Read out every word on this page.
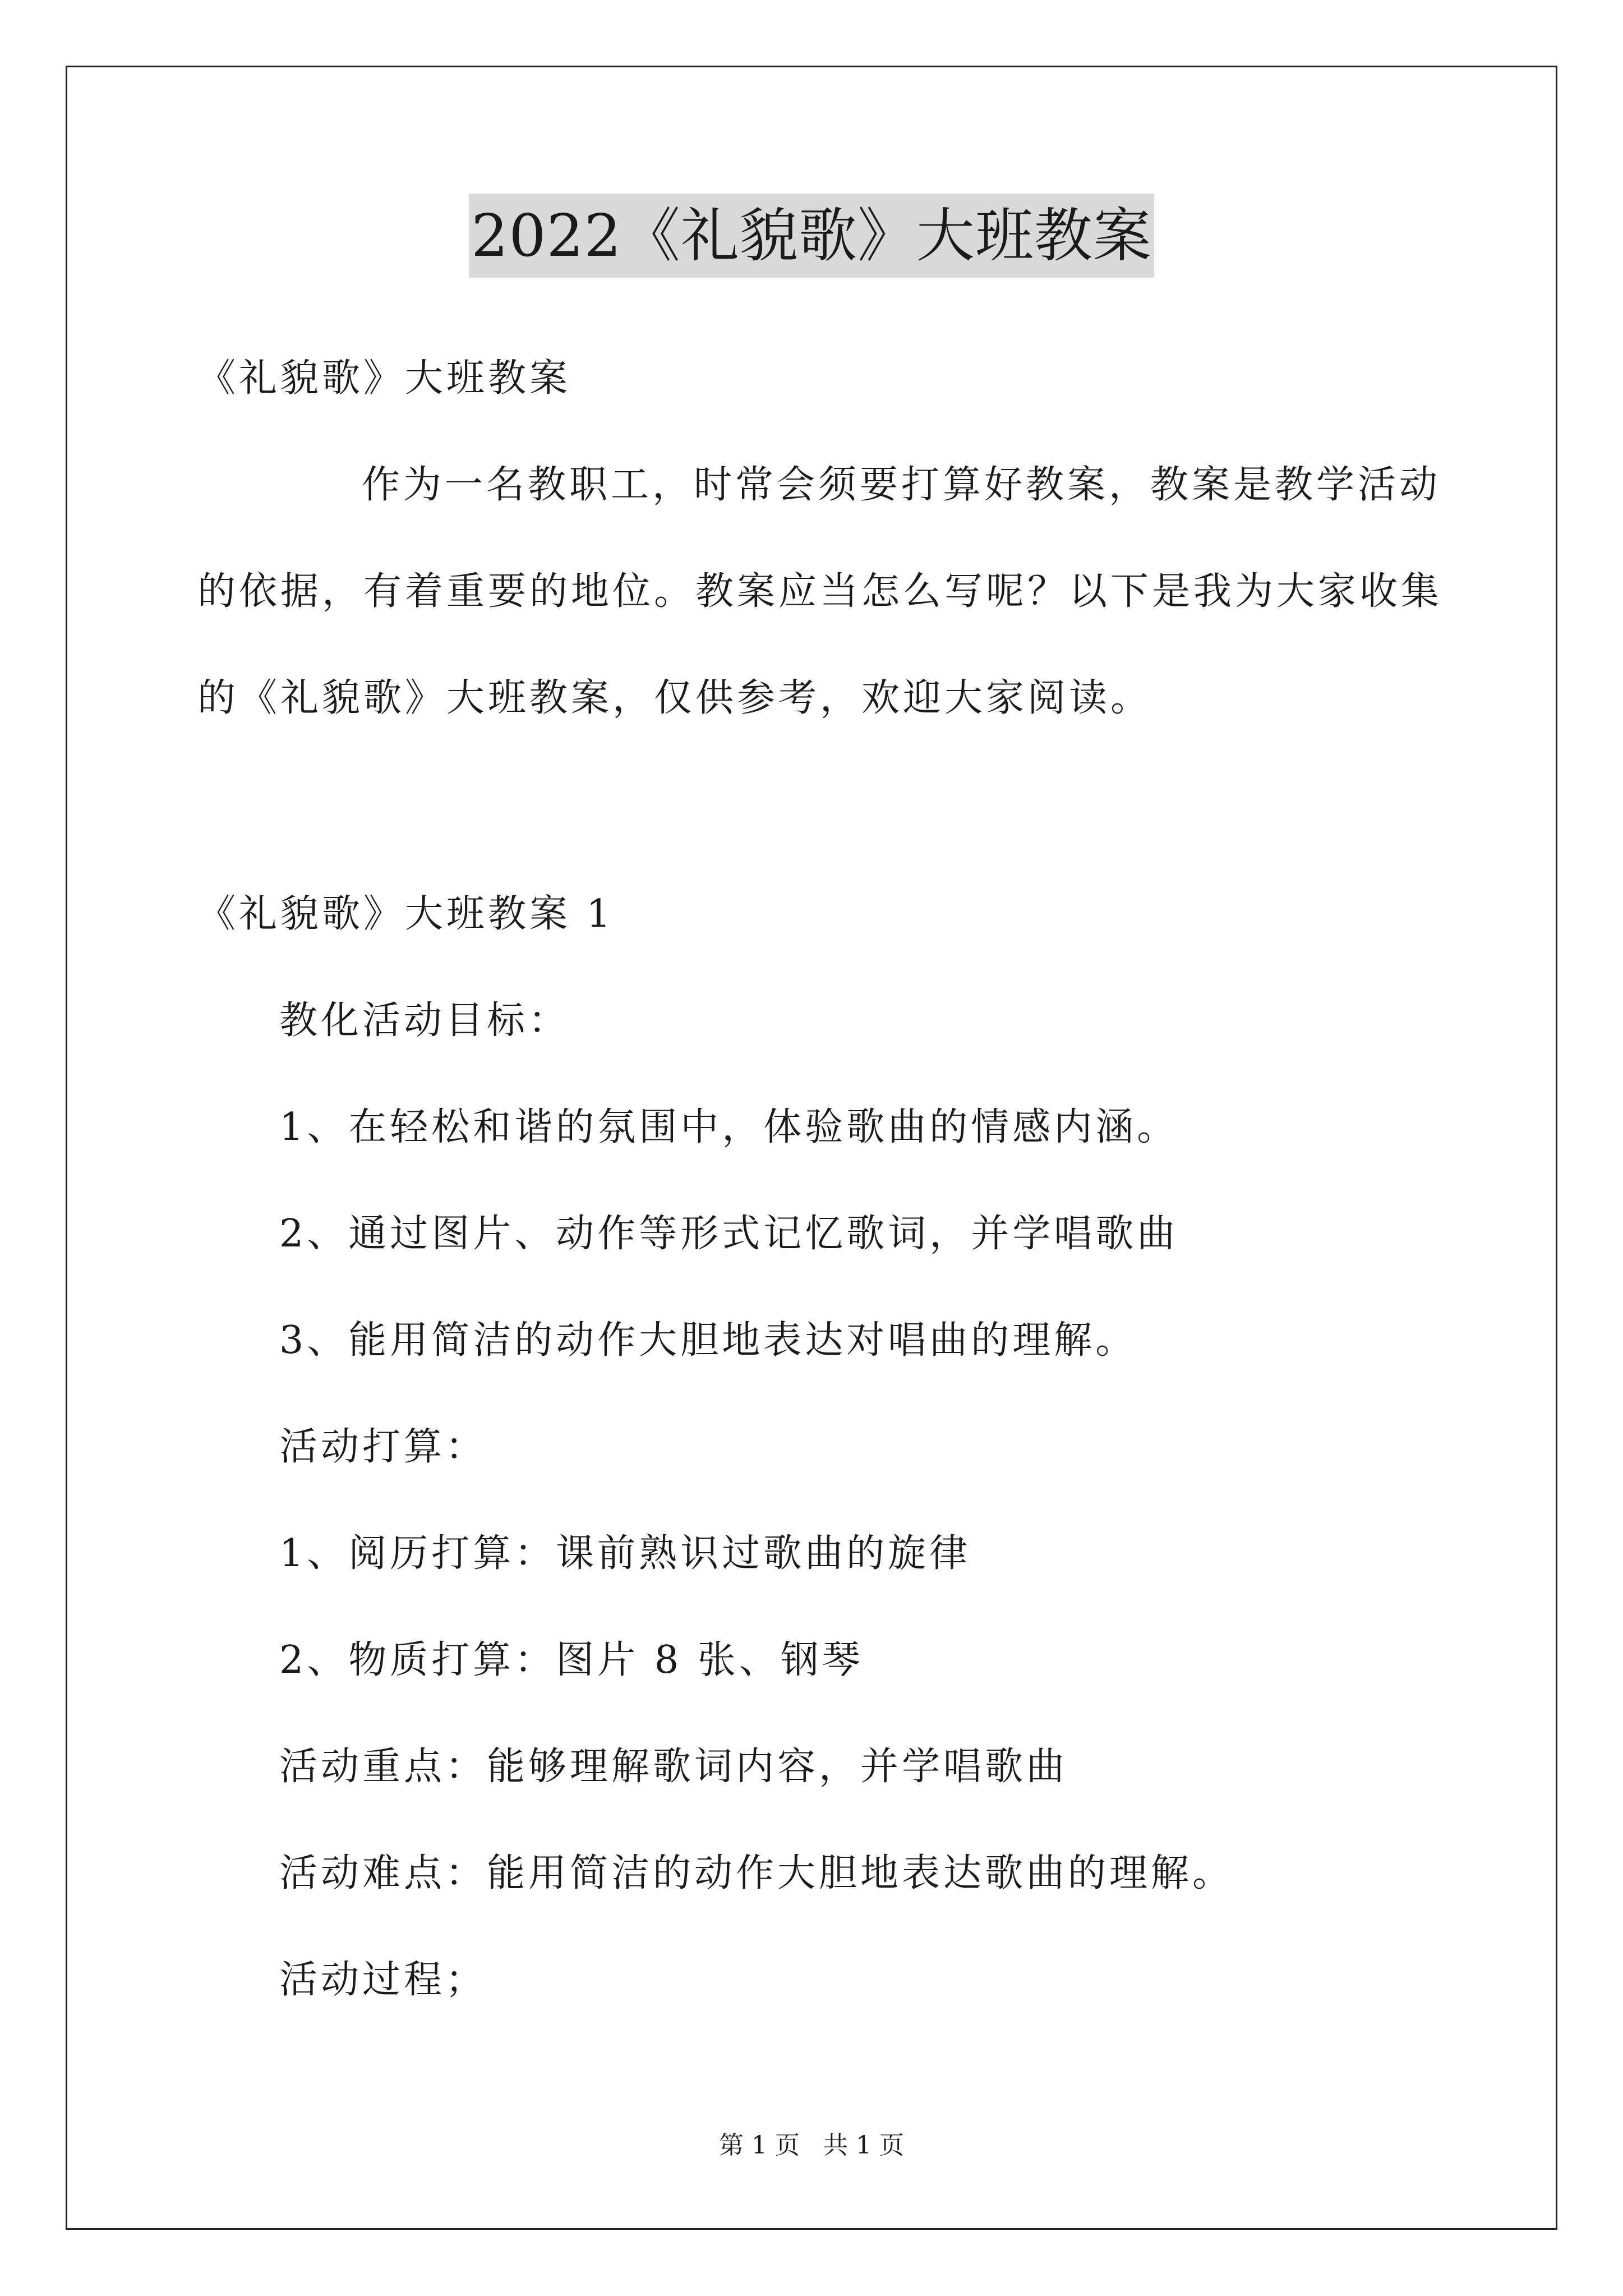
2022《礼貌歌》大班教案
《礼貌歌》大班教案
作为一名教职工，时常会须要打算好教案，教案是教学活动
的依据，有着重要的地位。教案应当怎么写呢？以下是我为大家收集
的《礼貌歌》大班教案，仅供参考，欢迎大家阅读。
《礼貌歌》大班教案 1
教化活动目标：
1、在轻松和谐的氛围中，体验歌曲的情感内涵。
2、通过图片、动作等形式记忆歌词，并学唱歌曲
3、能用简洁的动作大胆地表达对唱曲的理解。
活动打算：
1、阅历打算：课前熟识过歌曲的旋律
2、物质打算：图片 8 张、钢琴
活动重点：能够理解歌词内容，并学唱歌曲
活动难点：能用简洁的动作大胆地表达歌曲的理解。
活动过程；
第 1 页   共 1 页
